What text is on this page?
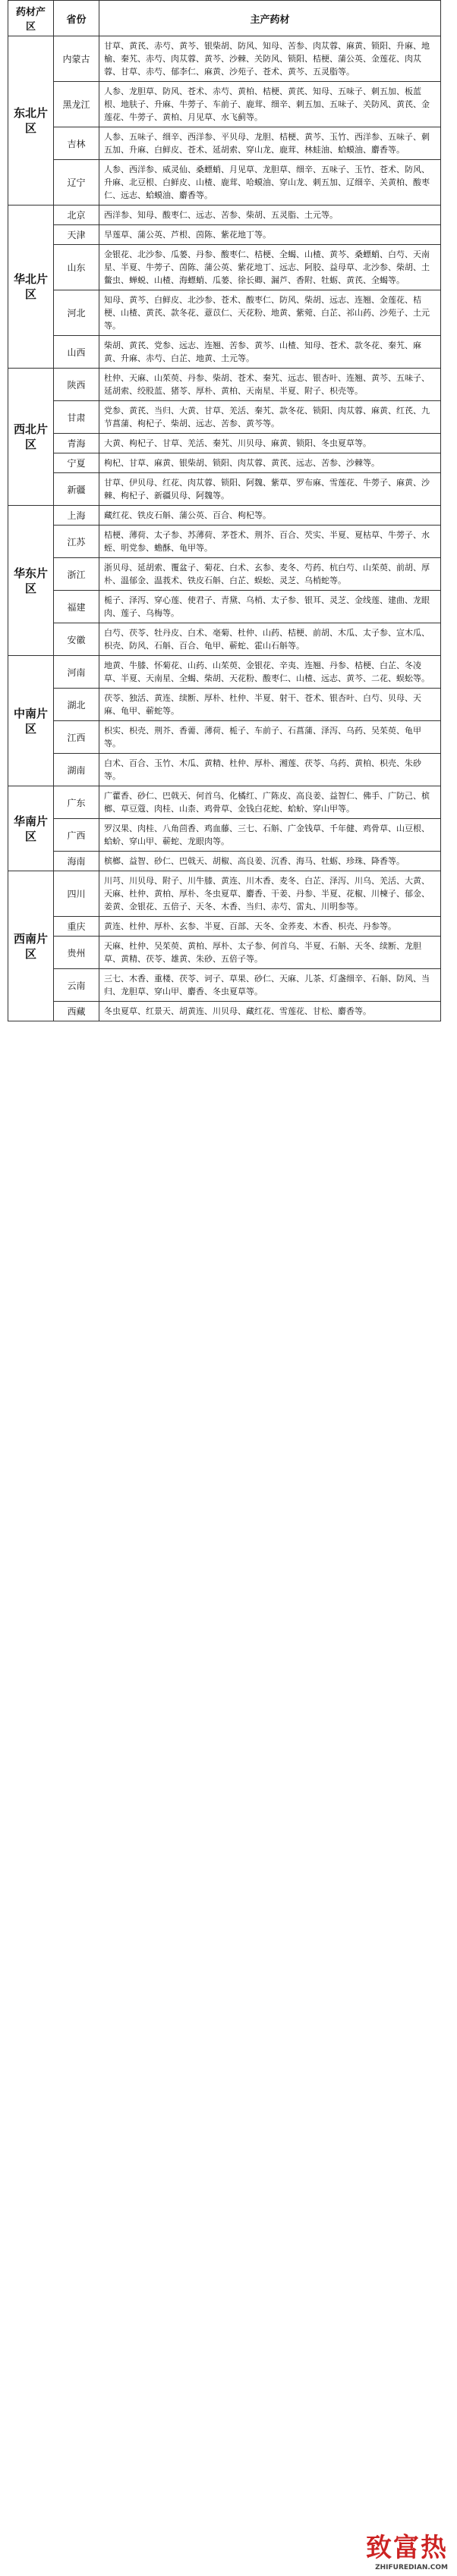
药材产区	省份	主产药材
东北片区	内蒙古	甘草、黄芪、赤芍、黄芩、银柴胡、防风、知母、苦参、肉苁蓉、麻黄、锁阳、升麻、地榆、秦艽、赤芍、肉苁蓉、黄芩、沙棘、关防风、锁阳、桔梗、蒲公英、金莲花、肉苁蓉、甘草、赤芍、郁李仁、麻黄、沙苑子、苍术、黄芩、五灵脂等。
	黑龙江	人参、龙胆草、防风、苍术、赤芍、黄柏、桔梗、黄芪、知母、五味子、刺五加、板蓝根、地肤子、升麻、牛蒡子、车前子、鹿茸、细辛、刺五加、五味子、关防风、黄芪、金莲花、牛蒡子、黄柏、月见草、水飞蓟等。
	吉林	人参、五味子、细辛、西洋参、平贝母、龙胆、桔梗、黄芩、玉竹、西洋参、五味子、刺五加、升麻、白鲜皮、苍术、延胡索、穿山龙、鹿茸、林蛙油、蛤蟆油、麝香等。
	辽宁	人参、西洋参、威灵仙、桑螵蛸、月见草、龙胆草、细辛、五味子、玉竹、苍术、防风、升麻、北豆根、白鲜皮、山楂、鹿茸、哈蟆油、穿山龙、刺五加、辽细辛、关黄柏、酸枣仁、远志、蛤蟆油、麝香等。
华北片区	北京	西洋参、知母、酸枣仁、远志、苦参、柴胡、五灵脂、土元等。
	天津	旱莲草、蒲公英、芦根、茵陈、紫花地丁等。
	山东	金银花、北沙参、瓜蒌、丹参、酸枣仁、桔梗、全蝎、山楂、黄芩、桑螵蛸、白芍、天南星、半夏、牛蒡子、茵陈、蒲公英、紫花地丁、远志、阿胶、益母草、北沙参、柴胡、土鳖虫、蝉蜕、山楂、海螵蛸、瓜蒌、徐长卿、漏芦、香附、牡蛎、黄芪、全蝎等。
	河北	知母、黄芩、白鲜皮、北沙参、苍术、酸枣仁、防风、柴胡、远志、连翘、金莲花、桔梗、山楂、黄芪、款冬花、薏苡仁、天花粉、地黄、紫菀、白芷、祁山药、沙苑子、土元等。
	山西	柴胡、黄芪、党参、远志、连翘、苦参、黄芩、山楂、知母、苍术、款冬花、秦艽、麻黄、升麻、赤芍、白芷、地黄、土元等。
西北片区	陕西	杜仲、天麻、山茱萸、丹参、柴胡、苍术、秦艽、远志、银杏叶、连翘、黄芩、五味子、延胡索、绞股蓝、猪苓、厚朴、黄柏、天南星、半夏、附子、枳壳等。
	甘肃	党参、黄芪、当归、大黄、甘草、羌活、秦艽、款冬花、锁阳、肉苁蓉、麻黄、红芪、九节菖蒲、枸杞子、柴胡、远志、苦参、黄芩等。
	青海	大黄、枸杞子、甘草、羌活、秦艽、川贝母、麻黄、锁阳、冬虫夏草等。
	宁夏	枸杞、甘草、麻黄、银柴胡、锁阳、肉苁蓉、黄芪、远志、苦参、沙棘等。
	新疆	甘草、伊贝母、红花、肉苁蓉、锁阳、阿魏、紫草、罗布麻、雪莲花、牛蒡子、麻黄、沙棘、枸杞子、新疆贝母、阿魏等。
华东片区	上海	藏红花、铁皮石斛、蒲公英、百合、枸杞等。
	江苏	桔梗、薄荷、太子参、苏薄荷、茅苍术、荆芥、百合、芡实、半夏、夏枯草、牛蒡子、水蛭、明党参、蟾酥、龟甲等。
	浙江	浙贝母、延胡索、覆盆子、菊花、白术、玄参、麦冬、芍药、杭白芍、山茱萸、前胡、厚朴、温郁金、温莪术、铁皮石斛、白芷、蜈蚣、灵芝、乌梢蛇等。
	福建	栀子、泽泻、穿心莲、使君子、青黛、乌梢、太子参、银耳、灵芝、金线莲、建曲、龙眼肉、莲子、乌梅等。
	安徽	白芍、茯苓、牡丹皮、白术、亳菊、杜仲、山药、桔梗、前胡、木瓜、太子参、宣木瓜、枳壳、防风、石斛、百合、龟甲、蕲蛇、霍山石斛等。
中南片区	河南	地黄、牛膝、怀菊花、山药、山茱萸、金银花、辛夷、连翘、丹参、桔梗、白芷、冬凌草、半夏、天南星、全蝎、柴胡、天花粉、酸枣仁、山楂、远志、黄芩、二花、蜈蚣等。
	湖北	茯苓、独活、黄连、续断、厚朴、杜仲、半夏、射干、苍术、银杏叶、白芍、贝母、天麻、龟甲、蕲蛇等。
	江西	枳实、枳壳、荆芥、香薷、薄荷、栀子、车前子、石菖蒲、泽泻、乌药、吴茱萸、龟甲等。
	湖南	白术、百合、玉竹、木瓜、黄精、杜仲、厚朴、湘莲、茯苓、乌药、黄柏、枳壳、朱砂等。
华南片区	广东	广藿香、砂仁、巴戟天、何首乌、化橘红、广陈皮、高良姜、益智仁、佛手、广防己、槟榔、草豆蔻、肉桂、山柰、鸡骨草、金钱白花蛇、蛤蚧、穿山甲等。
	广西	罗汉果、肉桂、八角茴香、鸡血藤、三七、石斛、广金钱草、千年健、鸡骨草、山豆根、蛤蚧、穿山甲、蕲蛇、龙眼肉等。
	海南	槟榔、益智、砂仁、巴戟天、胡椒、高良姜、沉香、海马、牡蛎、珍珠、降香等。
西南片区	四川	川芎、川贝母、附子、川牛膝、黄连、川木香、麦冬、白芷、泽泻、川乌、羌活、大黄、天麻、杜仲、黄柏、厚朴、冬虫夏草、麝香、干姜、丹参、半夏、花椒、川楝子、郁金、姜黄、金银花、五倍子、天冬、木香、当归、赤芍、雷丸、川明参等。
	重庆	黄连、杜仲、厚朴、玄参、半夏、百部、天冬、金荞麦、木香、枳壳、丹参等。
	贵州	天麻、杜仲、吴茱萸、黄柏、厚朴、太子参、何首乌、半夏、石斛、天冬、续断、龙胆草、黄精、茯苓、雄黄、朱砂、五倍子等。
	云南	三七、木香、重楼、茯苓、诃子、草果、砂仁、天麻、儿茶、灯盏细辛、石斛、防风、当归、龙胆草、穿山甲、麝香、冬虫夏草等。
	西藏	冬虫夏草、红景天、胡黄连、川贝母、藏红花、雪莲花、甘松、麝香等。
致富热
ZHIFUREDIAN.COM
